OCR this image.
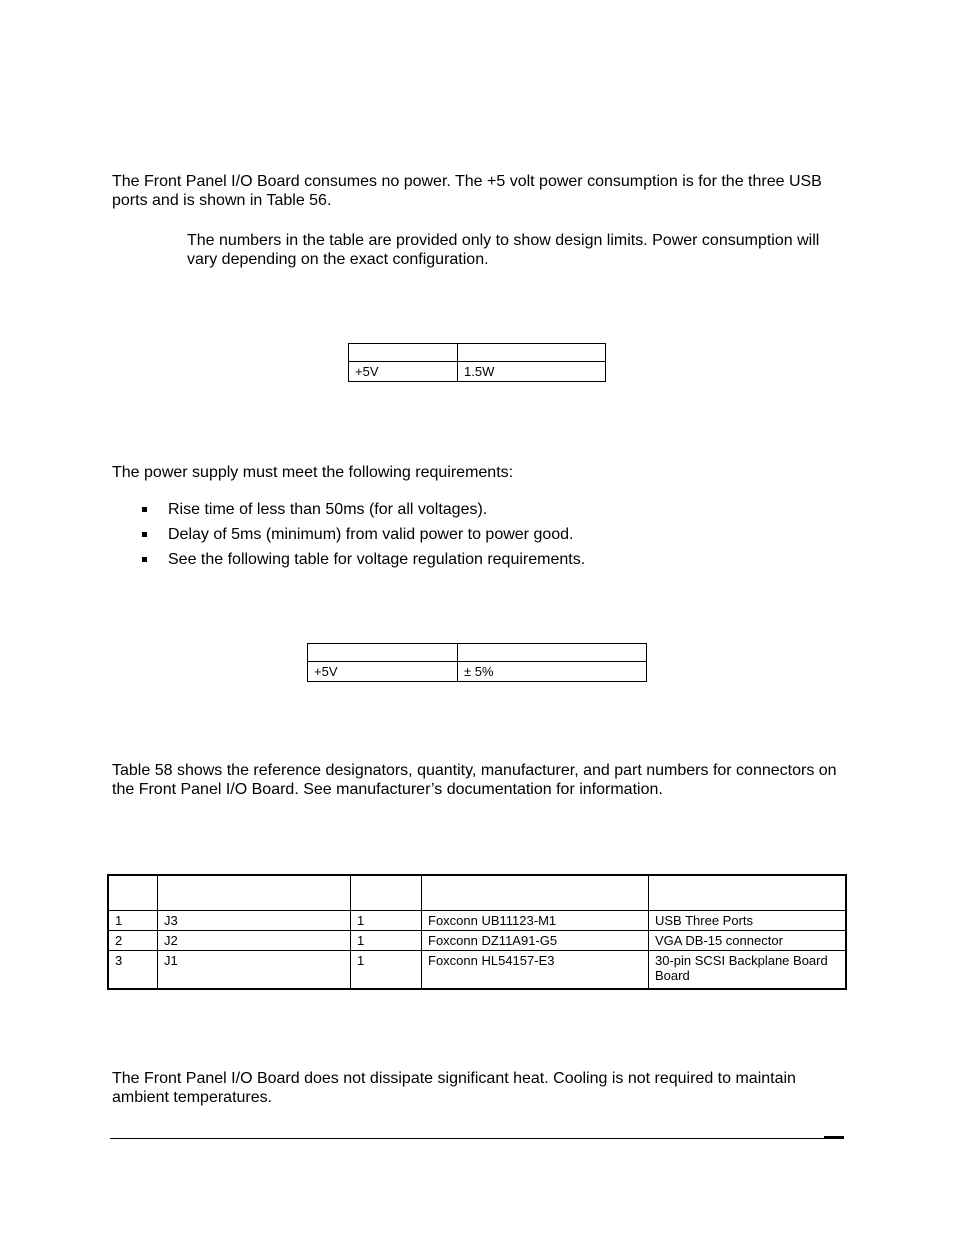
The Front Panel I/O Board consumes no power. The +5 volt power consumption is for the three USB ports and is shown in Table 56.

The numbers in the table are provided only to show design limits. Power consumption will vary depending on the exact configuration.

+5V	1.5W

The power supply must meet the following requirements:

Rise time of less than 50ms (for all voltages).
Delay of 5ms (minimum) from valid power to power good.
See the following table for voltage regulation requirements.

+5V	± 5%

Table 58 shows the reference designators, quantity, manufacturer, and part numbers for connectors on the Front Panel I/O Board. See manufacturer’s documentation for information.

1	J3	1	Foxconn UB11123-M1	USB Three Ports
2	J2	1	Foxconn DZ11A91-G5	VGA DB-15 connector
3	J1	1	Foxconn HL54157-E3	30-pin SCSI Backplane Board Board

The Front Panel I/O Board does not dissipate significant heat. Cooling is not required to maintain ambient temperatures.
